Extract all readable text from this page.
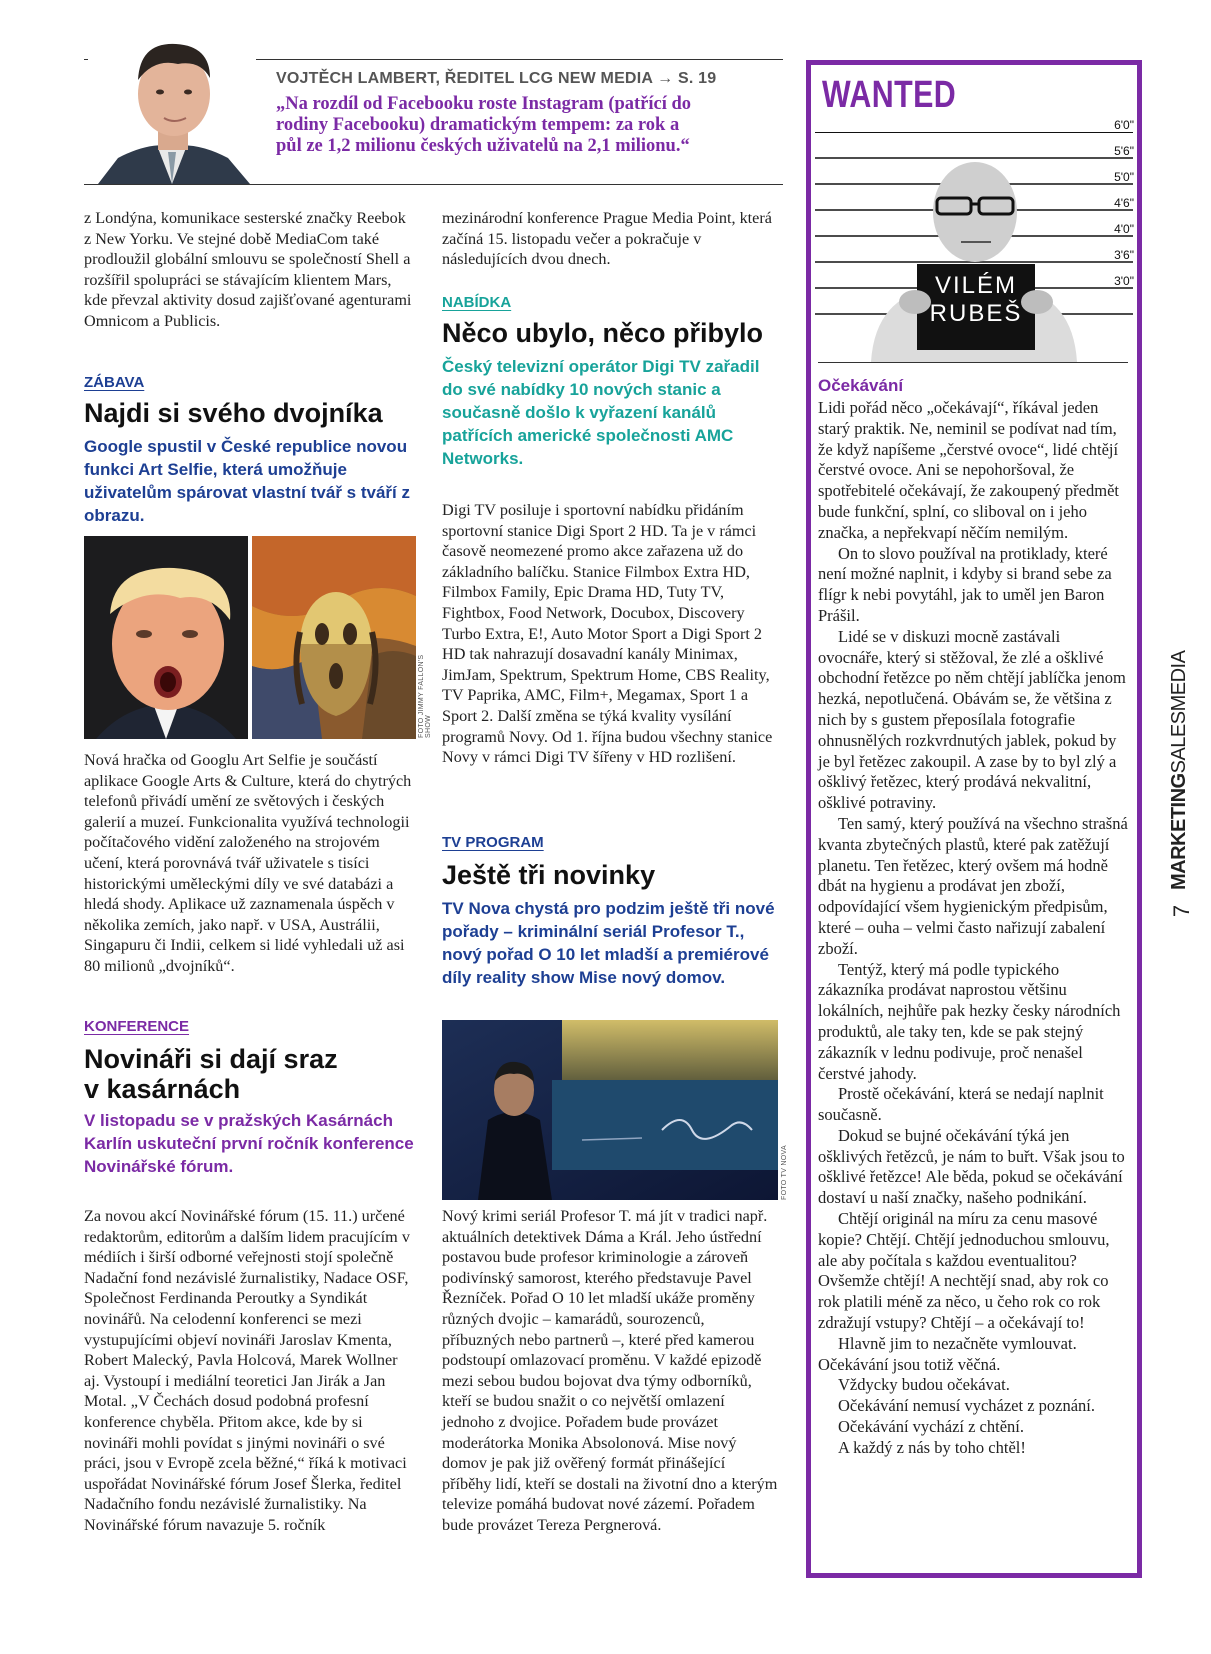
VOJTĚCH LAMBERT, ŘEDITEL LCG NEW MEDIA → S. 19
„Na rozdíl od Facebooku roste Instagram (patřící do rodiny Facebooku) dramatickým tempem: za rok a půl ze 1,2 milionu českých uživatelů na 2,1 milionu.“

z Londýna, komunikace sesterské značky Reebok z New Yorku. Ve stejné době MediaCom také prodloužil globální smlouvu se společností Shell a rozšířil spolupráci se stávajícím klientem Mars, kde převzal aktivity dosud zajišťované agenturami Omnicom a Publicis.

ZÁBAVA
Najdi si svého dvojníka
Google spustil v České republice novou funkci Art Selfie, která umožňuje uživatelům spárovat vlastní tvář s tváří z obrazu.
FOTO JIMMY FALLON'S SHOW

Nová hračka od Googlu Art Selfie je součástí aplikace Google Arts & Culture, která do chytrých telefonů přivádí umění ze světových i českých galerií a muzeí. Funkcionalita využívá technologii počítačového vidění založeného na strojovém učení, která porovnává tvář uživatele s tisíci historickými uměleckými díly ve své databázi a hledá shody. Aplikace už zaznamenala úspěch v několika zemích, jako např. v USA, Austrálii, Singapuru či Indii, celkem si lidé vyhledali už asi 80 milionů „dvojníků“.

KONFERENCE
Novináři si dají sraz
v kasárnách
V listopadu se v pražských Kasárnách Karlín uskuteční první ročník konference Novinářské fórum.

Za novou akcí Novinářské fórum (15. 11.) určené redaktorům, editorům a dalším lidem pracujícím v médiích i širší odborné veřejnosti stojí společně Nadační fond nezávislé žurnalistiky, Nadace OSF, Společnost Ferdinanda Peroutky a Syndikát novinářů. Na celodenní konferenci se mezi vystupujícími objeví novináři Jaroslav Kmenta, Robert Malecký, Pavla Holcová, Marek Wollner aj. Vystoupí i mediální teoretici Jan Jirák a Jan Motal. „V Čechách dosud podobná profesní konference chyběla. Přitom akce, kde by si novináři mohli povídat s jinými novináři o své práci, jsou v Evropě zcela běžné,“ říká k motivaci uspořádat Novinářské fórum Josef Šlerka, ředitel Nadačního fondu nezávislé žurnalistiky. Na Novinářské fórum navazuje 5. ročník

mezinárodní konference Prague Media Point, která začíná 15. listopadu večer a pokračuje v následujících dvou dnech.

NABÍDKA
Něco ubylo, něco přibylo
Český televizní operátor Digi TV zařadil do své nabídky 10 nových stanic a současně došlo k vyřazení kanálů patřících americké společnosti AMC Networks.

Digi TV posiluje i sportovní nabídku přidáním sportovní stanice Digi Sport 2 HD. Ta je v rámci časově neomezené promo akce zařazena už do základního balíčku. Stanice Filmbox Extra HD, Filmbox Family, Epic Drama HD, Tuty TV, Fightbox, Food Network, Docubox, Discovery Turbo Extra, E!, Auto Motor Sport a Digi Sport 2 HD tak nahrazují dosavadní kanály Minimax, JimJam, Spektrum, Spektrum Home, CBS Reality, TV Paprika, AMC, Film+, Megamax, Sport 1 a Sport 2. Další změna se týká kvality vysílání programů Novy. Od 1. října budou všechny stanice Novy v rámci Digi TV šířeny v HD rozlišení.

TV PROGRAM
Ještě tři novinky
TV Nova chystá pro podzim ještě tři nové pořady – kriminální seriál Profesor T., nový pořad O 10 let mladší a premiérové díly reality show Mise nový domov.
FOTO TV NOVA

Nový krimi seriál Profesor T. má jít v tradici např. aktuálních detektivek Dáma a Král. Jeho ústřední postavou bude profesor kriminologie a zároveň podivínský samorost, kterého představuje Pavel Řezníček. Pořad O 10 let mladší ukáže proměny různých dvojic – kamarádů, sourozenců, příbuzných nebo partnerů –, které před kamerou podstoupí omlazovací proměnu. V každé epizodě mezi sebou budou bojovat dva týmy odborníků, kteří se budou snažit o co největší omlazení jednoho z dvojice. Pořadem bude provázet moderátorka Monika Absolonová. Mise nový domov je pak již ověřený formát přinášející příběhy lidí, kteří se dostali na životní dno a kterým televize pomáhá budovat nové zázemí. Pořadem bude provázet Tereza Pergnerová.

WANTED
6'0"
5'6"
5'0"
4'6"
4'0"
3'6"
3'0"
VILÉM
RUBEŠ
Očekávání

Lidi pořád něco „očekávají“, říkával jeden starý praktik. Ne, neminil se podívat nad tím, že když napíšeme „čerstvé ovoce“, lidé chtějí čerstvé ovoce. Ani se nepohoršoval, že spotřebitelé očekávají, že zakoupený předmět bude funkční, splní, co sliboval on i jeho značka, a nepřekvapí něčím nemilým.

On to slovo používal na protiklady, které není možné naplnit, i kdyby si brand sebe za flígr k nebi povytáhl, jak to uměl jen Baron Prášil.

Lidé se v diskuzi mocně zastávali ovocnáře, který si stěžoval, že zlé a ošklivé obchodní řetězce po něm chtějí jablíčka jenom hezká, nepotlučená. Obávám se, že většina z nich by s gustem přeposílala fotografie ohnusnělých rozkvrdnutých jablek, pokud by je byl řetězec zakoupil. A zase by to byl zlý a ošklivý řetězec, který prodává nekvalitní, ošklivé potraviny.

Ten samý, který používá na všechno strašná kvanta zbytečných plastů, které pak zatěžují planetu. Ten řetězec, který ovšem má hodně dbát na hygienu a prodávat jen zboží, odpovídající všem hygienickým předpisům, které – ouha – velmi často nařizují zabalení zboží.

Tentýž, který má podle typického zákazníka prodávat naprostou většinu lokálních, nejhůře pak hezky česky národních produktů, ale taky ten, kde se pak stejný zákazník v lednu podivuje, proč nenašel čerstvé jahody.

Prostě očekávání, která se nedají naplnit současně.

Dokud se bujné očekávání týká jen ošklivých řetězců, je nám to buřt. Však jsou to ošklivé řetězce! Ale běda, pokud se očekávání dostaví u naší značky, našeho podnikání.

Chtějí originál na míru za cenu masové kopie? Chtějí. Chtějí jednoduchou smlouvu, ale aby počítala s každou eventualitou? Ovšemže chtějí! A nechtějí snad, aby rok co rok platili méně za něco, u čeho rok co rok zdražují vstupy? Chtějí – a očekávají to!

Hlavně jim to nezačněte vymlouvat. Očekávání jsou totiž věčná.

Vždycky budou očekávat.

Očekávání nemusí vycházet z poznání.

Očekávání vychází z chtění.

A každý z nás by toho chtěl!

MARKETINGSALESMEDIA
7
